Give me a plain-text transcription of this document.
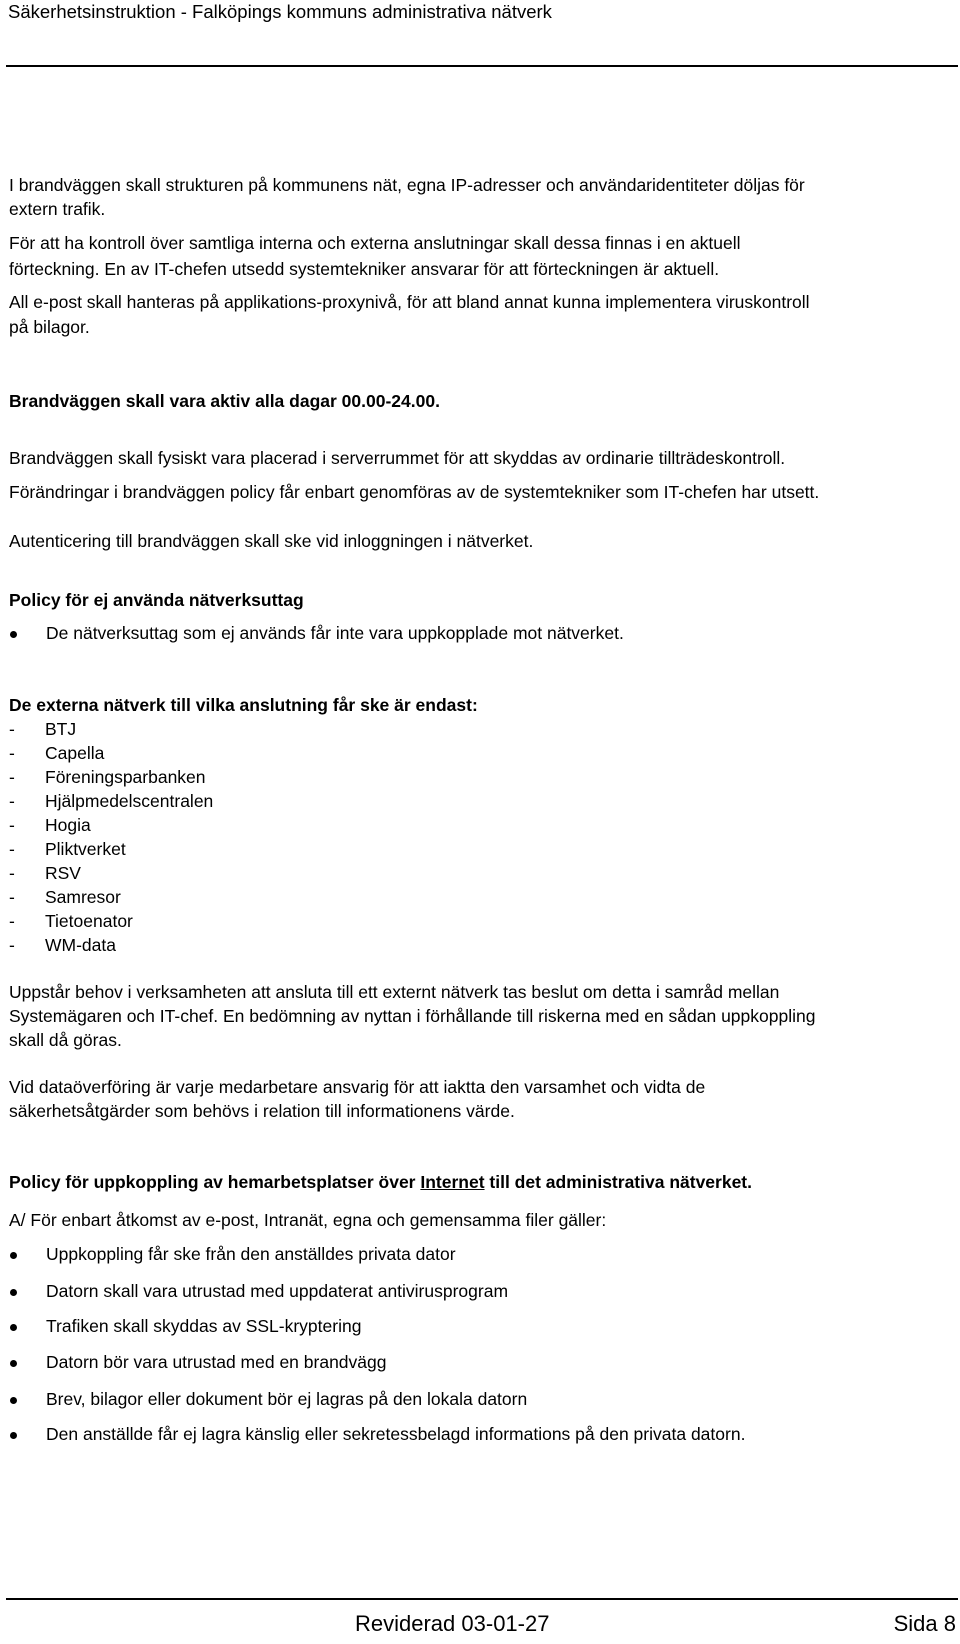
Säkerhetsinstruktion - Falköpings kommuns administrativa nätverk
I brandväggen skall strukturen på kommunens nät, egna IP-adresser och användaridentiteter döljas för
extern trafik.
För att ha kontroll över samtliga interna och externa anslutningar skall dessa finnas i en aktuell
förteckning. En av IT-chefen utsedd systemtekniker ansvarar för att förteckningen är aktuell.
All e-post skall hanteras på applikations-proxynivå, för att bland annat kunna implementera viruskontroll
på bilagor.
Brandväggen skall vara aktiv alla dagar 00.00-24.00.
Brandväggen skall fysiskt vara placerad i serverrummet för att skyddas av ordinarie tillträdeskontroll.
Förändringar i brandväggen policy får enbart genomföras av de systemtekniker som IT-chefen har utsett.
Autenticering till brandväggen skall ske vid inloggningen i nätverket.
Policy för ej använda nätverksuttag
De nätverksuttag som ej används får inte vara uppkopplade mot nätverket.
De externa nätverk till vilka anslutning får ske är endast:
- BTJ
- Capella
- Föreningsparbanken
- Hjälpmedelscentralen
- Hogia
- Pliktverket
- RSV
- Samresor
- Tietoenator
- WM-data
Uppstår behov i verksamheten att ansluta till ett externt nätverk tas beslut om detta i samråd mellan
Systemägaren och IT-chef. En bedömning av nyttan i förhållande till riskerna med en sådan uppkoppling
skall då göras.
Vid dataöverföring är varje medarbetare ansvarig för att iaktta den varsamhet och vidta de
säkerhetsåtgärder som behövs i relation till informationens värde.
Policy för uppkoppling av hemarbetsplatser över Internet till det administrativa nätverket.
A/ För enbart åtkomst av e-post, Intranät, egna och gemensamma filer gäller:
Uppkoppling får ske från den anställdes privata dator
Datorn skall vara utrustad med uppdaterat antivirusprogram
Trafiken skall skyddas av SSL-kryptering
Datorn bör vara utrustad med en brandvägg
Brev, bilagor eller dokument bör ej lagras på den lokala datorn
Den anställde får ej lagra känslig eller sekretessbelagd informations på den privata datorn.
Reviderad 03-01-27	Sida 8
